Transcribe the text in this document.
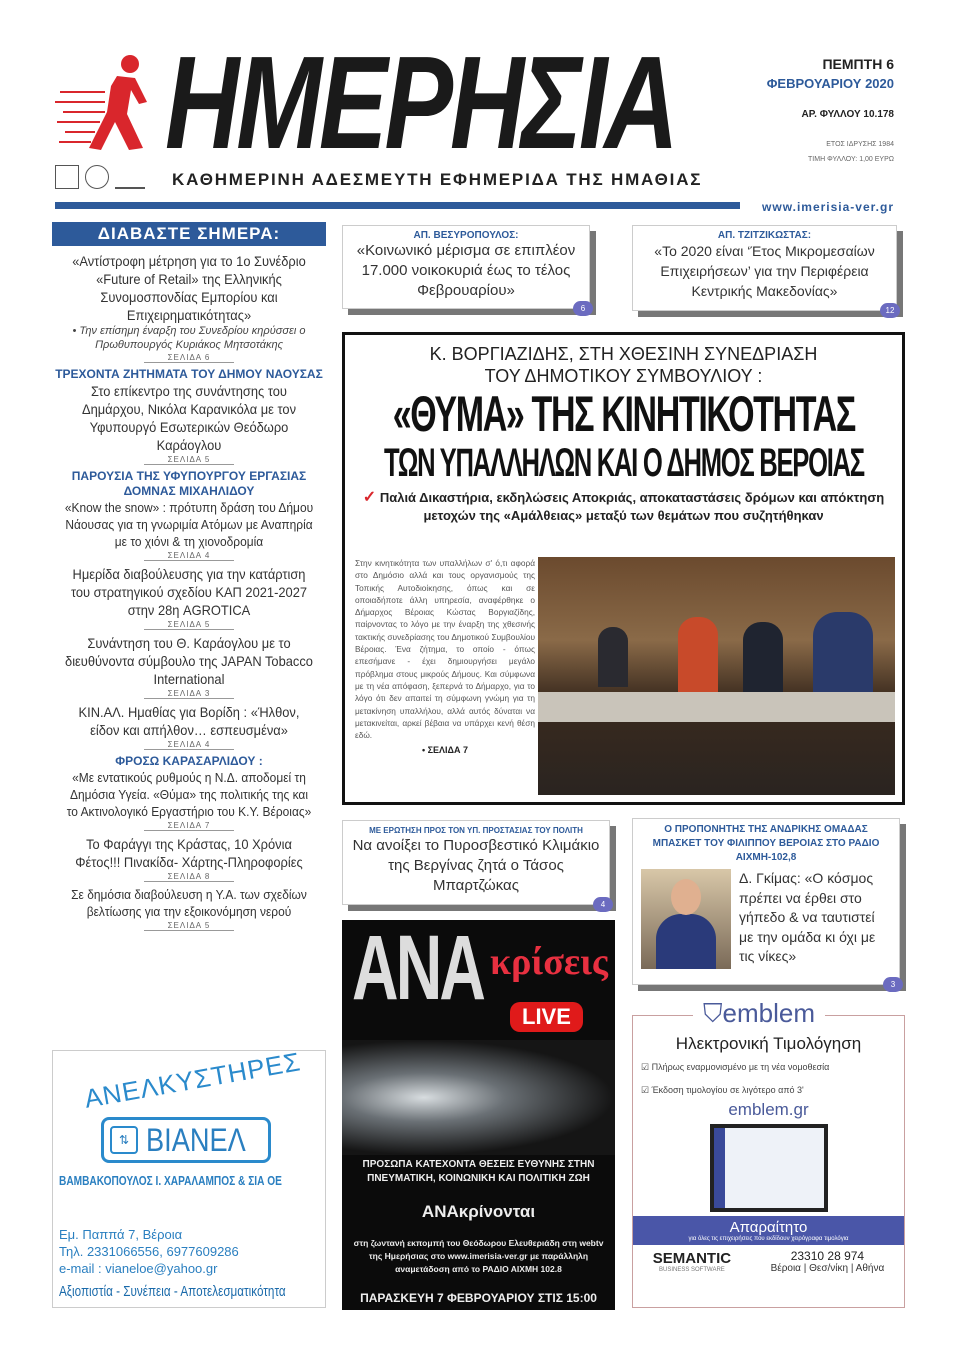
ΗΜΕΡΗΣΙΑ
ΚΑΘΗΜΕΡΙΝΗ ΑΔΕΣΜΕΥΤΗ ΕΦΗΜΕΡΙΔΑ ΤΗΣ ΗΜΑΘΙΑΣ
ΠΕΜΠΤΗ 6
ΦΕΒΡΟΥΑΡΙΟΥ 2020
ΑΡ. ΦΥΛΛΟΥ 10.178
ΕΤΟΣ ΙΔΡΥΣΗΣ 1984
ΤΙΜΗ ΦΥΛΛΟΥ: 1,00 ΕΥΡΩ
www.imerisia-ver.gr
ΔΙΑΒΑΣΤΕ ΣΗΜΕΡΑ:
«Αντίστροφη μέτρηση για το 1ο Συνέδριο «Future of Retail» της Ελληνικής Συνομοσπονδίας Εμπορίου και Επιχειρηματικότητας»
• Την επίσημη έναρξη του Συνεδρίου κηρύσσει ο Πρωθυπουργός Κυριάκος Μητσοτάκης
ΣΕΛΙΔΑ 6
ΤΡΕΧΟΝΤΑ ΖΗΤΗΜΑΤΑ ΤΟΥ ΔΗΜΟΥ ΝΑΟΥΣΑΣ
Στο επίκεντρο της συνάντησης του Δημάρχου, Νικόλα Καρανικόλα με τον Υφυπουργό Εσωτερικών Θεόδωρο Καράογλου
ΣΕΛΙΔΑ 5
ΠΑΡΟΥΣΙΑ ΤΗΣ ΥΦΥΠΟΥΡΓΟΥ ΕΡΓΑΣΙΑΣ ΔΟΜΝΑΣ ΜΙΧΑΗΛΙΔΟΥ
«Know the snow» : πρότυπη δράση του Δήμου Νάουσας για τη γνωριμία Ατόμων με Αναπηρία με το χιόνι & τη χιονοδρομία
ΣΕΛΙΔΑ 4
Ημερίδα διαβούλευσης για την κατάρτιση του στρατηγικού σχεδίου ΚΑΠ 2021-2027 στην 28η AGROTICA
ΣΕΛΙΔΑ 5
Συνάντηση του Θ. Καράογλου με το διευθύνοντα σύμβουλο της JAPAN Tobacco International
ΣΕΛΙΔΑ 3
ΚΙΝ.ΑΛ. Ημαθίας για Βορίδη : «Ήλθον, είδον και απήλθον… εσπευσμένα»
ΣΕΛΙΔΑ 4
ΦΡΟΣΩ ΚΑΡΑΣΑΡΛΙΔΟΥ :
«Με εντατικούς ρυθμούς η Ν.Δ. αποδομεί τη Δημόσια Υγεία. «Θύμα» της πολιτικής της και το Ακτινολογικό Εργαστήριο του Κ.Υ. Βέροιας»
ΣΕΛΙΔΑ 7
Το Φαράγγι της Κράστας, 10 Χρόνια Φέτος!!! Πινακίδα- Χάρτης-Πληροφορίες
ΣΕΛΙΔΑ 8
Σε δημόσια διαβούλευση η Υ.Α. των σχεδίων βελτίωσης για την εξοικονόμηση νερού
ΣΕΛΙΔΑ 5
ΑΠ. ΒΕΣΥΡΟΠΟΥΛΟΣ:
«Κοινωνικό μέρισμα σε επιπλέον 17.000 νοικοκυριά έως το τέλος Φεβρουαρίου»
6
ΑΠ. ΤΖΙΤΖΙΚΩΣΤΑΣ:
«Το 2020 είναι ‘Έτος Μικρομεσαίων Επιχειρήσεων’ για την Περιφέρεια Κεντρικής Μακεδονίας»
12
Κ. ΒΟΡΓΙΑΖΙΔΗΣ, ΣΤΗ ΧΘΕΣΙΝΗ ΣΥΝΕΔΡΙΑΣΗ
ΤΟΥ ΔΗΜΟΤΙΚΟΥ ΣΥΜΒΟΥΛΙΟΥ :
«ΘΥΜΑ» ΤΗΣ ΚΙΝΗΤΙΚΟΤΗΤΑΣ
ΤΩΝ ΥΠΑΛΛΗΛΩΝ ΚΑΙ Ο ΔΗΜΟΣ ΒΕΡΟΙΑΣ
✓ Παλιά Δικαστήρια, εκδηλώσεις Αποκριάς, αποκαταστάσεις δρόμων και απόκτηση μετοχών της «Αμάλθειας» μεταξύ των θεμάτων που συζητήθηκαν
Στην κινητικότητα των υπαλλήλων σ' ό,τι αφορά στο Δημόσιο αλλά και τους οργανισμούς της Τοπικής Αυτοδιοίκησης, όπως και σε οποιαδήποτε άλλη υπηρεσία, αναφέρθηκε ο Δήμαρχος Βέροιας Κώστας Βοργιαζίδης, παίρνοντας το λόγο με την έναρξη της χθεσινής τακτικής συνεδρίασης του Δημοτικού Συμβουλίου Βέροιας. Ένα ζήτημα, το οποίο - όπως επεσήμανε - έχει δημιουργήσει μεγάλο πρόβλημα στους μικρούς Δήμους. Και σύμφωνα με τη νέα απόφαση, ξεπερνά το Δήμαρχο, για το λόγο ότι δεν απαιτεί τη σύμφωνη γνώμη για τη μετακίνηση υπαλλήλου, αλλά αυτός δύναται να μετακινείται, αρκεί βέβαια να υπάρχει κενή θέση εδώ.
• ΣΕΛΙΔΑ 7
ΜΕ ΕΡΩΤΗΣΗ ΠΡΟΣ ΤΟΝ ΥΠ. ΠΡΟΣΤΑΣΙΑΣ ΤΟΥ ΠΟΛΙΤΗ
Να ανοίξει το Πυροσβεστικό Κλιμάκιο της Βεργίνας ζητά ο Τάσος Μπαρτζώκας
4
Ο ΠΡΟΠΟΝΗΤΗΣ ΤΗΣ ΑΝΔΡΙΚΗΣ ΟΜΑΔΑΣ ΜΠΑΣΚΕΤ ΤΟΥ ΦΙΛΙΠΠΟΥ ΒΕΡΟΙΑΣ ΣΤΟ ΡΑΔΙΟ ΑΙΧΜΗ-102,8
Δ. Γκίμας: «Ο κόσμος πρέπει να έρθει στο γήπεδο & να ταυτιστεί με την ομάδα κι όχι με τις νίκες»
3
ΑΝΑ κρίσεις
LIVE
ΠΡΟΣΩΠΑ ΚΑΤΕΧΟΝΤΑ ΘΕΣΕΙΣ ΕΥΘΥΝΗΣ ΣΤΗΝ ΠΝΕΥΜΑΤΙΚΗ, ΚΟΙΝΩΝΙΚΗ ΚΑΙ ΠΟΛΙΤΙΚΗ ΖΩΗ
ΑΝΑκρίνονται
στη ζωντανή εκπομπή του Θεόδωρου Ελευθεριάδη στη webtv της Ημερήσιας στο www.imerisia-ver.gr με παράλληλη αναμετάδοση από το ΡΑΔΙΟ ΑΙΧΜΗ 102.8
ΠΑΡΑΣΚΕΥΗ 7 ΦΕΒΡΟΥΑΡΙΟΥ ΣΤΙΣ 15:00
⛉emblem
Ηλεκτρονική Τιμολόγηση
☑ Πλήρως εναρμονισμένο με τη νέα νομοθεσία
☑ Έκδοση τιμολογίου σε λιγότερο από 3'
emblem.gr
Απαραίτητο
για όλες τις επιχειρήσεις που εκδίδουν χειρόγραφα τιμολόγια
SEMANTIC
BUSINESS SOFTWARE
23310 28 974
Βέροια | Θεσ/νίκη | Αθήνα
ΑΝΕΛΚΥΣΤΗΡΕΣ
⇅ ΒΙΑΝΕΛ
ΒΑΜΒΑΚΟΠΟΥΛΟΣ Ι. ΧΑΡΑΛΑΜΠΟΣ & ΣΙΑ ΟΕ
Εμ. Παππά 7, Βέροια
Τηλ. 2331066556, 6977609286
e-mail : vianeloe@yahoo.gr
Αξιοπιστία - Συνέπεια - Αποτελεσματικότητα
